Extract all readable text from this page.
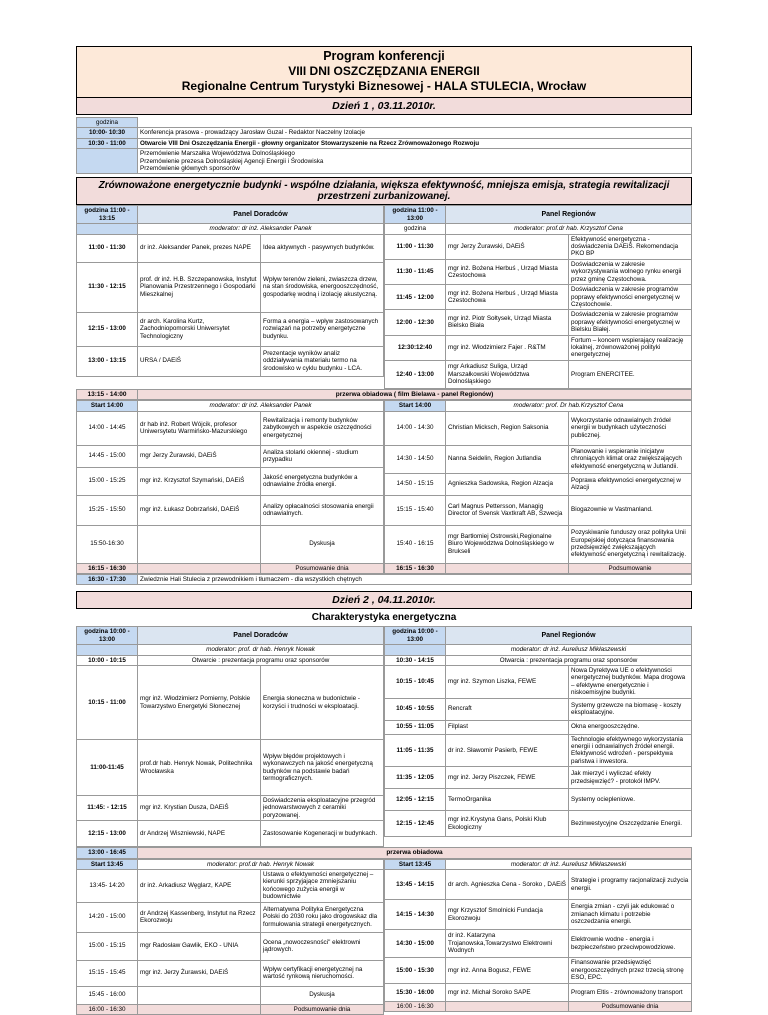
Program konferencji
VIII DNI OSZCZĘDZANIA ENERGII
Regionalne Centrum Turystyki Biznesowej - HALA STULECIA, Wrocław
Dzień 1 , 03.11.2010r.
godzina	
10:00- 10:30	Konferencja prasowa - prowadzący Jarosław Guzal - Redaktor Naczelny Izolacje
10:30 - 11:00	Otwarcie VIII Dni Oszczędzania Energii - głowny organizator Stowarzyszenie na Rzecz Zrównoważonego Rozwoju

	Przemówienie Marszałka Województwa Dolnośląskiego
Przemówienie prezesa Dolnośląskiej Agencji Energii i Środowiska
Przemówienie głównych sponsorów
Zrównoważone energetycznie budynki - wspólne działania, większa efektywność, mniejsza emisja, strategia rewitalizacji przestrzeni zurbanizowanej.
godzina 11:00 - 13:15	Panel Doradców	
	moderator: dr inż. Aleksander Panek	
11:00 - 11:30	dr inż. Aleksander Panek, prezes NAPE	Idea aktywnych - pasywnych budynków.
11:30 - 12:15	prof. dr inż. H.B. Szczepanowska, Instytut Planowania Przestrzennego i Gospodarki Mieszkalnej	Wpływ terenów zieleni, zwiaszcza drzew, na stan środowiska, energooszczędność, gospodarkę wodną i izolację akustyczną.
12:15 - 13:00	dr arch. Karolina Kurtz, Zachodniopomorski Uniwersytet Technologiczny	Forma a energia – wpływ zastosowanych rozwiązań na potrzeby energetyczne budynku.
13:00 - 13:15	URSA / DAEiŚ	Prezentacje wyników analiz oddziaływania materiału termo na środowisko w cyklu budynku - LCA.
godzina 11:00 - 13:00	Panel Regionów	
godzina	moderator: prof.dr hab. Krzysztof Cena	
11:00 - 11:30	mgr Jerzy Żurawski, DAEiŚ	Efektywność energetyczna - doświadczenia DAEiŚ. Rekomendacja PKO BP
11:30 - 11:45	mgr inż. Bożena Herbuś , Urząd Miasta Czestochowa	Doświadczenia w zakresie wykorzystywania wolnego rynku energii przez gminę Częstochowa.
11:45 - 12:00	mgr inż. Bożena Herbuś , Urząd Miasta Czestochowa	Doświadczenia w zakresie programów poprawy efektywności energetycznej w Częstochowie.
12:00 - 12:30	mgr inż. Piotr Sołtysek, Urząd Miasta Bielsko Biała	Doświadczenia w zakresie programów poprawy efektywności energetycznej w Bielsku Białej.
12:30:12:40	mgr inż. Włodzimierz Fajer . R&TM	Fortum – koncern wspierający realizację lokalnej, zrównoważonej polityki energetycznej
12:40 - 13:00	mgr Arkadiusz Suliga, Urząd Marszałkowski Województwa Dolnośląskiego	Program ENERCITEE.
13:15 - 14:00	przerwa obiadowa ( film Bielawa - panel Regionów)
Start 14:00	moderator: dr inż. Aleksander Panek	
14:00 - 14:45	dr hab inż. Robert Wójcik, profesor Uniwersytetu Warmińsko-Mazurskiego	Rewitalizacja i remonty budynków zabytkowych w aspekcie oszczędności energetycznej
14:45 - 15:00	mgr Jerzy Żurawski, DAEiŚ	Analiza stolarki okiennej - studium przypadku
15:00 - 15:25	mgr inż. Krzysztof Szymański, DAEiŚ	Jakość energetyczna budynków a odnawialne źródła energii.
15:25 - 15:50	mgr inż. Łukasz Dobrzański, DAEiŚ	Analizy opłacalności stosowania energii odnawialnych.
15:50-16:30		Dyskusja
16:15 - 16:30		Posumowanie dnia
Start 14:00	moderator: prof. Dr hab.Krzysztof Cena	
14:00 - 14:30	Christian Micksch, Region Saksonia	Wykorzystanie odnawialnych źródeł energii w budynkach użyteczności publicznej.
14:30 - 14:50	Nanna Seidelin, Region Jutlandia	Planowanie i wspieranie inicjatyw chroniących klimat oraz zwiększających efektywność energetyczną w Jutlandii.
14:50 - 15:15	Agnieszka Sadowska, Region Alzacja	Poprawa efektywności energetycznej w Alzacji
15:15 - 15:40	Carl Magnus Pettersson, Managig Director of Svensk Vaxtkraft AB, Szwecja	Biogazownie w Vastmanland.
15:40 - 16:15	mgr Bartłomiej Ostrowski,Regionalne Biuro Województwa Dolnośląskiego w Brukseli	Pozyskiwanie funduszy oraz polityka Unii Europejskiej dotycząca finansowania przedsięwzięć zwiększających efektywność energetyczną i rewitalizację.
16:15 - 16:30		Podsumowanie
16:30 - 17:30	Zwiedznie Hali Stulecia z przewodnikiem i tłumaczem - dla wszystkich chętnych
Dzień 2 , 04.11.2010r.
Charakterystyka energetyczna
godzina 10:00 - 13:00	Panel Doradców	
	moderator: prof. dr hab. Henryk Nowak	
10:00 - 10:15	Otwarcie : prezentacja programu oraz sponsorów	
10:15 - 11:00	mgr inż. Włodzimierz Pomierny, Polskie Towarzystwo Energetyki Słonecznej	Energia słoneczna w budonictwie - korzyści i trudności w eksploatacji.
11:00-11:45	prof.dr hab. Henryk Nowak, Politechnika Wrocławska	Wpływ błędów projektowych i wykonawczych na jakość energetyczną budynków na podstawie badań termograficznych.
11:45: - 12:15	mgr inż. Krystian Dusza, DAEiŚ	Doświadczenia eksploatacyjne przegród jednowarstwowych z ceramiki poryzowanej.
12:15 - 13:00	dr Andrzej Wiszniewski, NAPE	Zastosowanie Kogeneracji w budynkach.
godzina 10:00 - 13:00	Panel Regionów	
	moderator: dr inż. Aureliusz Mikłaszewski	
10:30 - 14:15	Otwarcia : prezentacja programu oraz sponsorów	
10:15 - 10:45	mgr inż. Szymon Liszka, FEWE	Nowa Dyrektywa UE o efektywności energetycznej budynków. Mapa drogowa – efektywne energetycznie i niskoemisyjne budynki.
10:45 - 10:55	Rencraft	Systemy grzewcze na biomasę - koszty eksploatacyjne.
10:55 - 11:05	Filplast	Okna energooszczędne.
11:05 - 11:35	dr inż. Sławomir Pasierb, FEWE	Technologie efektywnego wykorzystania energii i odnawialnych źródeł energii. Efektywność wdrożeń - perspektywa państwa i inwestora.
11:35 - 12:05	mgr inż. Jerzy Piszczek, FEWE	Jak mierzyć i wyliczać efekty przedsięwzięć? - protokół IMPV.
12:05 - 12:15	TermoOrganika	Systemy ociepleniowe.
12:15 - 12:45	mgr inż.Krystyna Gans, Polski Klub Ekologiczny	Bezinwestycyjne Oszczędzanie Energii.
13:00 - 16:45	przerwa obiadowa
Start 13:45	moderator: prof.dr hab. Henryk Nowak	
13:45- 14:20	dr inż. Arkadiusz Węglarz, KAPE	Ustawa o efektywności energetycznej – kierunki sprzyjające zmniejszaniu końcowego zużycia energii w budownictwie
14:20 - 15:00	dr Andrzej Kassenberg, Instytut na Rzecz Ekorozwoju	Alternatywna Polityka Energetyczna Polski do 2030 roku jako drogowskaz dla formułowania strategii energetycznych.
15:00 - 15:15	mgr Radosław Gawlik, EKO - UNIA	Ocena „nowoczesności" elektrowni jądrowych.
15:15 - 15:45	mgr inż. Jerzy Żurawski, DAEiŚ	Wpływ certyfikacji energetycznej na wartość rynkową nieruchomości.
15:45 - 16:00		Dyskusja
16:00 - 16:30		Podsumowanie dnia
Start 13:45	moderator: dr inż. Aureliusz Mikłaszewski	
13:45 - 14:15	dr arch. Agnieszka Cena - Soroko , DAEiŚ	Strategie i programy racjonalizacji zużycia energii.
14:15 - 14:30	mgr Krzysztof Smolnicki Fundacja Ekorozwoju	Energia zmian - czyli jak edukować o zmianach klimatu i potrzebie oszczedzania energii.
14:30 - 15:00	dr inż. Katarzyna Trojanowska,Towarzystwo Elektrowni Wodnych	Elektrownie wodne - energia i bezpieczeństwo przeciwpowodziowe.
15:00 - 15:30	mgr inż. Anna Bogusz, FEWE	Finansowanie przedsięwzięć energooszczędnych przez trzecią stronę ESO, EPC.
15:30 - 16:00	mgr inż. Michał Soroko SAPE	Program Eltis - zrównoważony transport
16:00 - 16:30		Podsumowanie dnia
